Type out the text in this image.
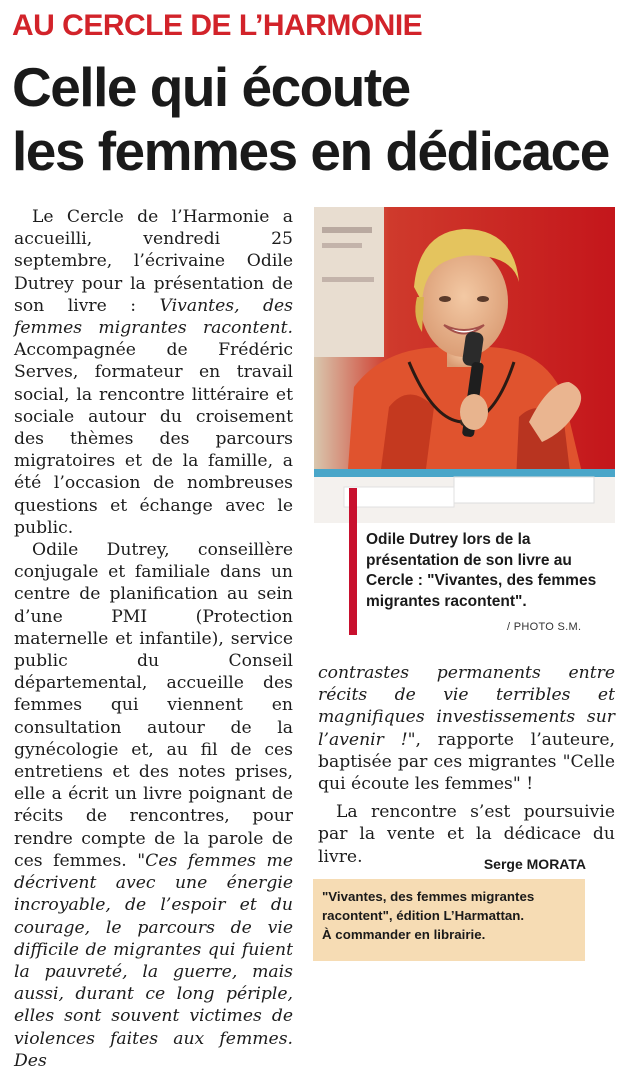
AU CERCLE DE L’HARMONIE
Celle qui écoute
les femmes en dédicace

Le Cercle de l’Harmonie a accueilli, vendredi 25 septembre, l’écrivaine Odile Dutrey pour la présentation de son livre : Vivantes, des femmes migrantes racontent. Accompagnée de Frédéric Serves, formateur en travail social, la rencontre littéraire et sociale autour du croisement des thèmes des parcours migratoires et de la famille, a été l’occasion de nombreuses questions et échange avec le public.

Odile Dutrey, conseillère conjugale et familiale dans un centre de planification au sein d’une PMI (Protection maternelle et infantile), service public du Conseil départemental, accueille des femmes qui viennent en consultation autour de la gynécologie et, au fil de ces entretiens et des notes prises, elle a écrit un livre poignant de récits de rencontres, pour rendre compte de la parole de ces femmes. "Ces femmes me décrivent avec une énergie incroyable, de l’espoir et du courage, le parcours de vie difficile de migrantes qui fuient la pauvreté, la guerre, mais aussi, durant ce long périple, elles sont souvent victimes de violences faites aux femmes. Des

Odile Dutrey lors de la présentation de son livre au Cercle : "Vivantes, des femmes migrantes racontent".
/ PHOTO S.M.

contrastes permanents entre récits de vie terribles et magnifiques investissements sur l’avenir !", rapporte l’auteure, baptisée par ces migrantes "Celle qui écoute les femmes" !

La rencontre s’est poursuivie par la vente et la dédicace du livre.	Serge MORATA
"Vivantes, des femmes migrantes
racontent", édition L’Harmattan.
À commander en librairie.
